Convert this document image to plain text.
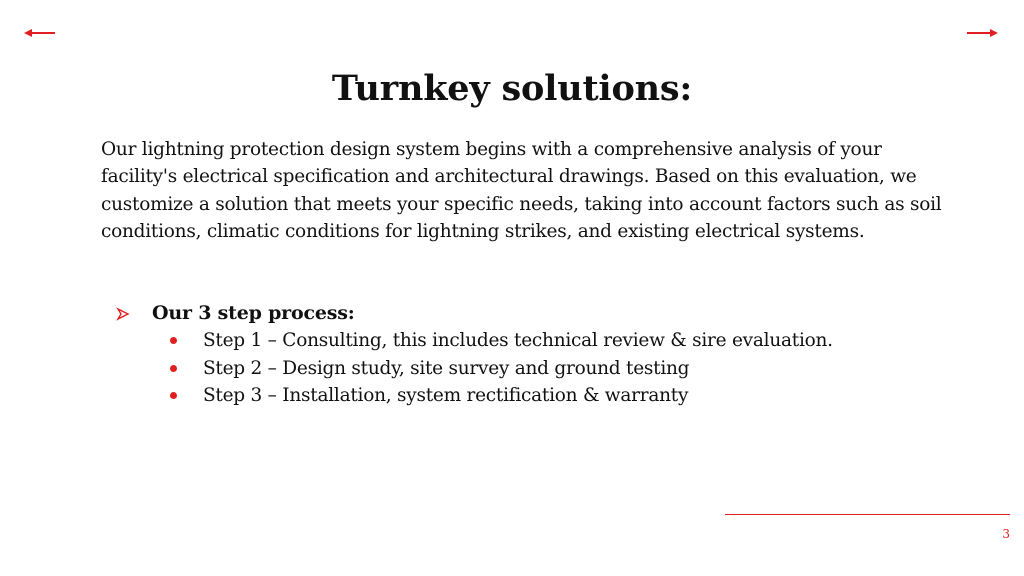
Turnkey solutions:

Our lightning protection design system begins with a comprehensive analysis of your facility's electrical specification and architectural drawings. Based on this evaluation, we customize a solution that meets your specific needs, taking into account factors such as soil conditions, climatic conditions for lightning strikes, and existing electrical systems.

Our 3 step process:
Step 1 – Consulting, this includes technical review & sire evaluation.
Step 2 – Design study, site survey and ground testing
Step 3 – Installation, system rectification & warranty
3
